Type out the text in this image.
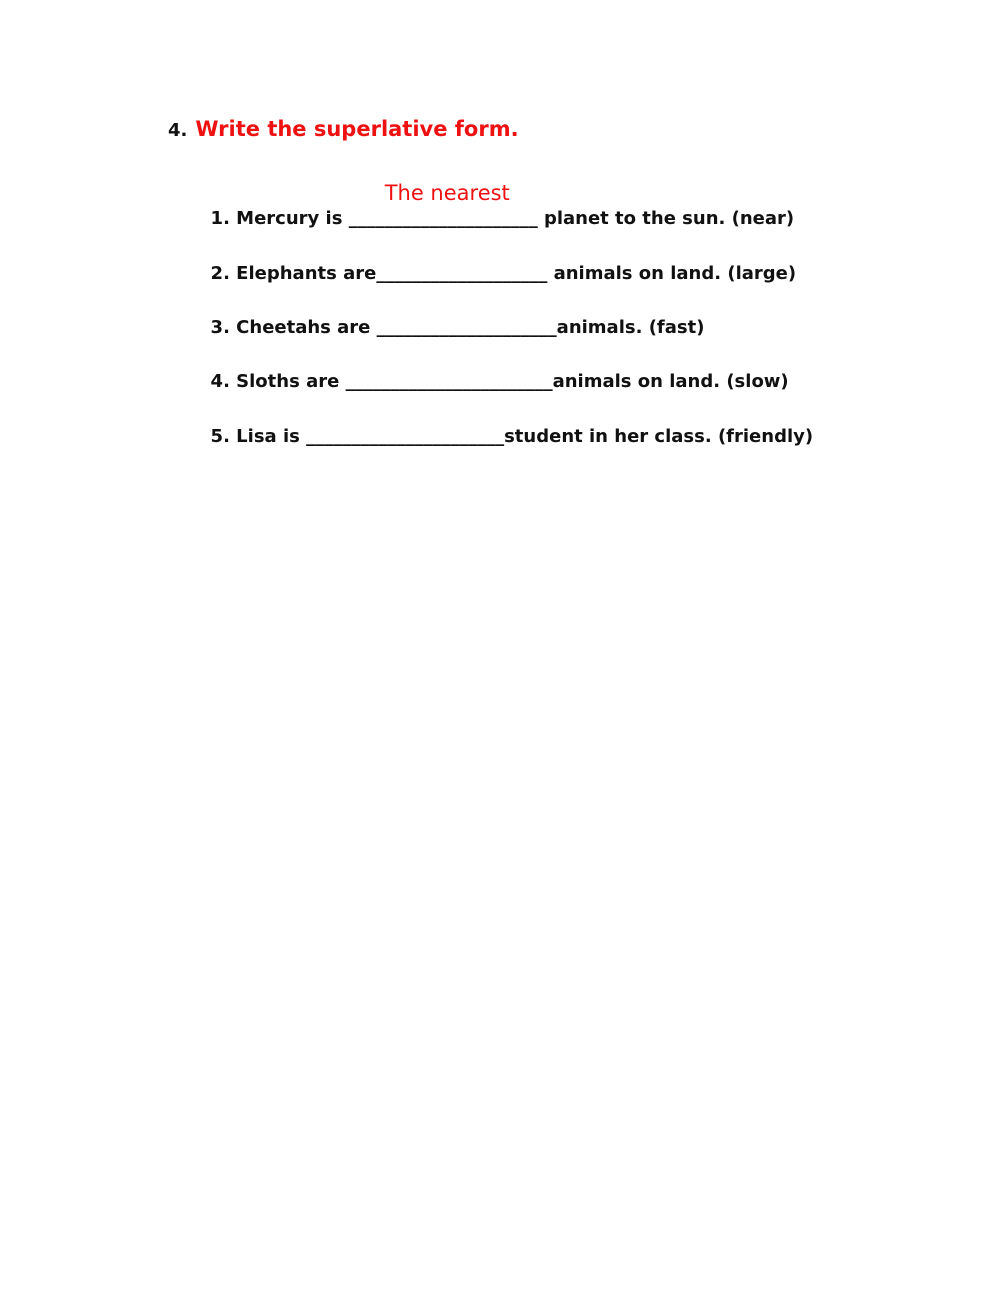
4. Write the superlative form.

1. Mercury is _____________________
The nearest
planet to the sun. (near)

2. Elephants are___________________
animals on land. (large)

3. Cheetahs are ____________________
animals. (fast)

4. Sloths are _______________________
animals on land. (slow)

5. Lisa is ______________________
student in her class. (friendly)
